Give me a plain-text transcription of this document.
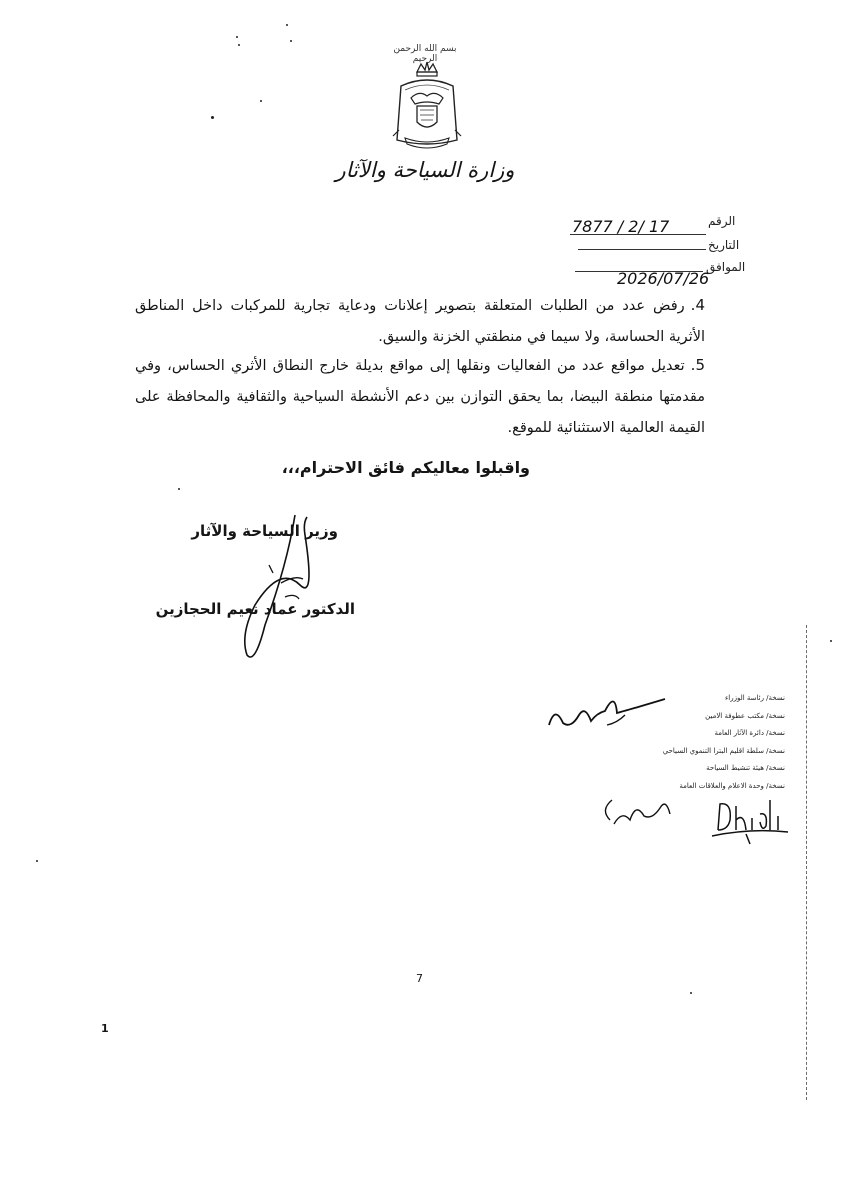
بسم الله الرحمن الرحيم
وزارة السياحة والآثار
الرقم
7877 / 2/ 17
التاريخ
الموافق
2026/07/26
4.رفض عدد من الطلبات المتعلقة بتصوير إعلانات ودعاية تجارية للمركبات داخل المناطق الأثرية الحساسة، ولا سيما في منطقتي الخزنة والسيق.
5.تعديل مواقع عدد من الفعاليات ونقلها إلى مواقع بديلة خارج النطاق الأثري الحساس، وفي مقدمتها منطقة البيضا، بما يحقق التوازن بين دعم الأنشطة السياحية والثقافية والمحافظة على القيمة العالمية الاستثنائية للموقع.
واقبلوا معاليكم فائق الاحترام،،،
وزير السياحة والآثار
الدكتور عماد نعيم الحجازين
نسخة/ رئاسة الوزراء
نسخة/ مكتب عطوفة الامين
نسخة/ دائرة الآثار العامة
نسخة/ سلطة اقليم البترا التنموي السياحي
نسخة/ هيئة تنشيط السياحة
نسخة/ وحدة الاعلام والعلاقات العامة
7
1
